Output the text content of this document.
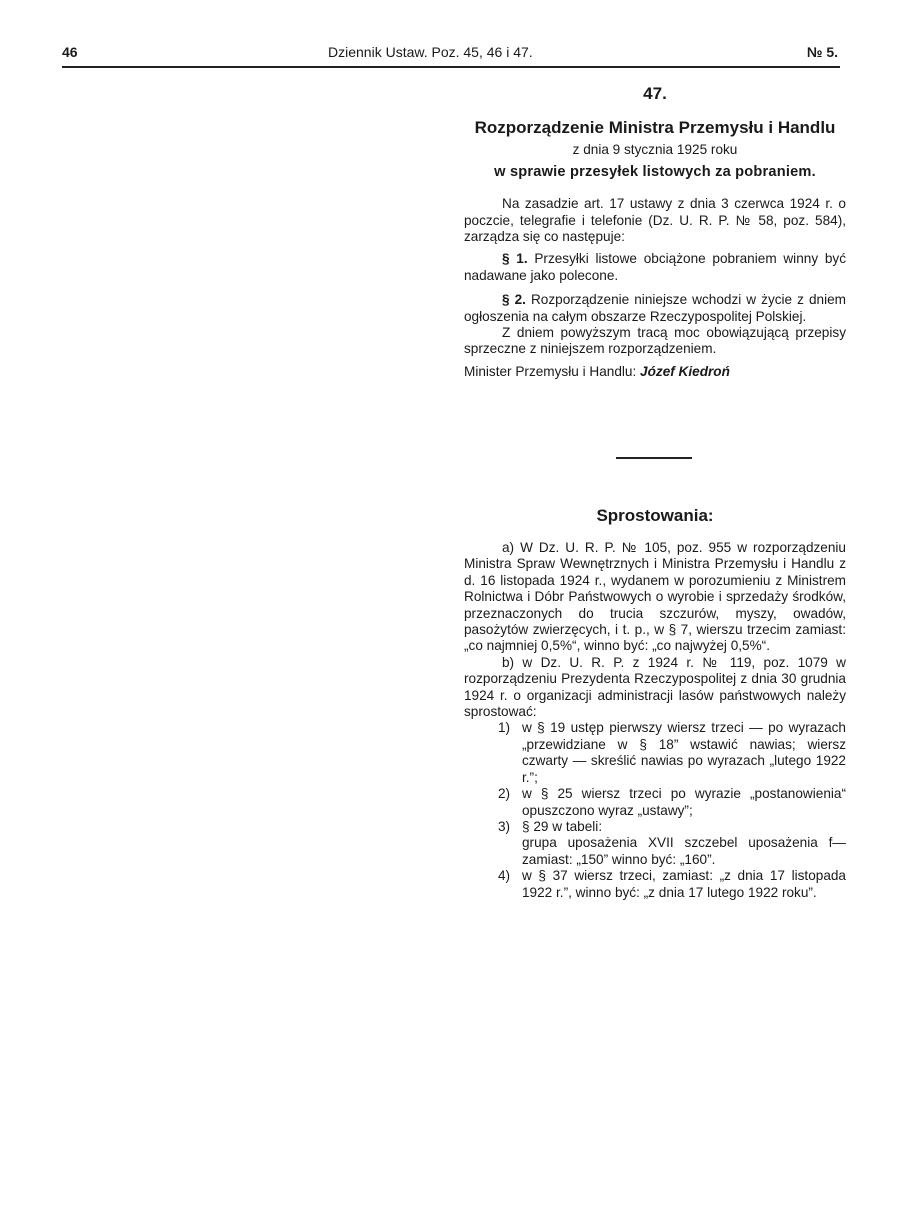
46	Dziennik Ustaw. Poz. 45, 46 i 47.	№ 5.
47.
Rozporządzenie Ministra Przemysłu i Handlu
z dnia 9 stycznia 1925 roku
w sprawie przesyłek listowych za pobraniem.

Na zasadzie art. 17 ustawy z dnia 3 czerwca 1924 r. o poczcie, telegrafie i telefonie (Dz. U. R. P. № 58, poz. 584), zarządza się co następuje:

§ 1. Przesyłki listowe obciążone pobraniem winny być nadawane jako polecone.

§ 2. Rozporządzenie niniejsze wchodzi w życie z dniem ogłoszenia na całym obszarze Rzeczypospolitej Polskiej.

Z dniem powyższym tracą moc obowiązującą przepisy sprzeczne z niniejszem rozporządzeniem.

Minister Przemysłu i Handlu: Józef Kiedroń

Sprostowania:

a) W Dz. U. R. P. № 105, poz. 955 w rozporządzeniu Ministra Spraw Wewnętrznych i Ministra Przemysłu i Handlu z d. 16 listopada 1924 r., wydanem w porozumieniu z Ministrem Rolnictwa i Dóbr Państwowych o wyrobie i sprzedaży środków, przeznaczonych do trucia szczurów, myszy, owadów, pasożytów zwierzęcych, i t. p., w § 7, wierszu trzecim zamiast: „co najmniej 0,5%“, winno być: „co najwyżej 0,5%“.

b) w Dz. U. R. P. z 1924 r. № 119, poz. 1079 w rozporządzeniu Prezydenta Rzeczypospolitej z dnia 30 grudnia 1924 r. o organizacji administracji lasów państwowych należy sprostować:

1) w § 19 ustęp pierwszy wiersz trzeci — po wyrazach „przewidziane w § 18” wstawić nawias; wiersz czwarty — skreślić nawias po wyrazach „lutego 1922 r.”;
2) w § 25 wiersz trzeci po wyrazie „postanowienia“ opuszczono wyraz „ustawy”;
3) § 29 w tabeli:
grupa uposażenia XVII szczebel uposażenia f— zamiast: „150” winno być: „160”.
4) w § 37 wiersz trzeci, zamiast: „z dnia 17 listopada 1922 r.”, winno być: „z dnia 17 lutego 1922 roku”.
